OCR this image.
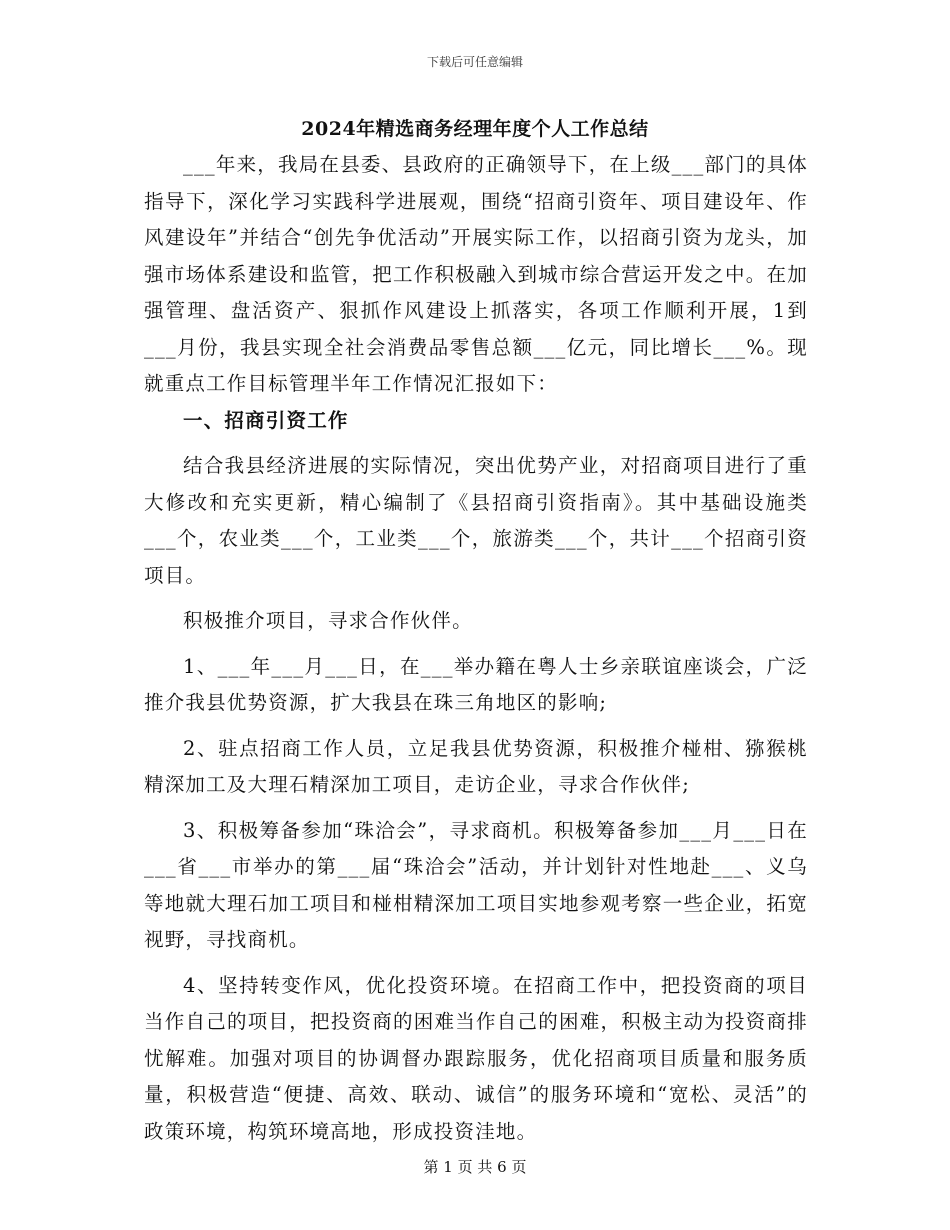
下载后可任意编辑
2024年精选商务经理年度个人工作总结

___年来，我局在县委、县政府的正确领导下，在上级___部门的具体指导下，深化学习实践科学进展观，围绕“招商引资年、项目建设年、作风建设年”并结合“创先争优活动”开展实际工作，以招商引资为龙头，加强市场体系建设和监管，把工作积极融入到城市综合营运开发之中。在加强管理、盘活资产、狠抓作风建设上抓落实，各项工作顺利开展，1到___月份，我县实现全社会消费品零售总额___亿元，同比增长___%。现就重点工作目标管理半年工作情况汇报如下：

一、招商引资工作

结合我县经济进展的实际情况，突出优势产业，对招商项目进行了重大修改和充实更新，精心编制了《县招商引资指南》。其中基础设施类___个，农业类___个，工业类___个，旅游类___个，共计___个招商引资项目。

积极推介项目，寻求合作伙伴。

1、___年___月___日，在___举办籍在粤人士乡亲联谊座谈会，广泛推介我县优势资源，扩大我县在珠三角地区的影响;

2、驻点招商工作人员，立足我县优势资源，积极推介椪柑、猕猴桃精深加工及大理石精深加工项目，走访企业，寻求合作伙伴;

3、积极筹备参加“珠洽会”，寻求商机。积极筹备参加___月___日在___省___市举办的第___届“珠洽会”活动，并计划针对性地赴___、义乌等地就大理石加工项目和椪柑精深加工项目实地参观考察一些企业，拓宽视野，寻找商机。

4、坚持转变作风，优化投资环境。在招商工作中，把投资商的项目当作自己的项目，把投资商的困难当作自己的困难，积极主动为投资商排忧解难。加强对项目的协调督办跟踪服务，优化招商项目质量和服务质量，积极营造“便捷、高效、联动、诚信”的服务环境和“宽松、灵活”的政策环境，构筑环境高地，形成投资洼地。

第 1 页 共 6 页
